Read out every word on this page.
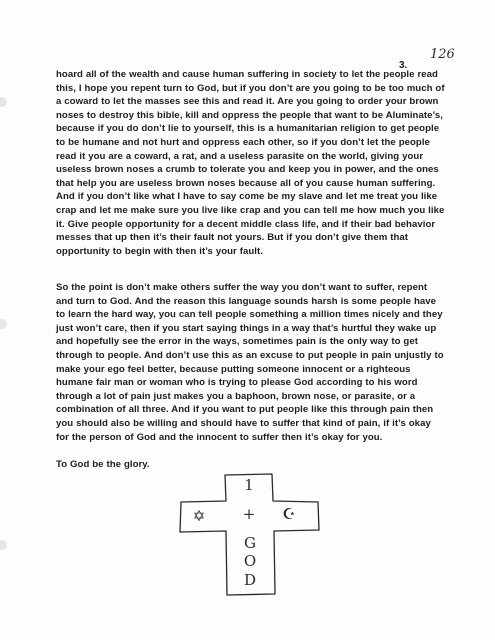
126
3.

hoard all of the wealth and cause human suffering in society to let the people read this, I hope you repent turn to God, but if you don’t are you going to be too much of a coward to let the masses see this and read it. Are you going to order your brown noses to destroy this bible, kill and oppress the people that want to be Aluminate’s, because if you do don’t lie to yourself, this is a humanitarian religion to get people to be humane and not hurt and oppress each other, so if you don’t let the people read it you are a coward, a rat, and a useless parasite on the world, giving your useless brown noses a crumb to tolerate you and keep you in power, and the ones that help you are useless brown noses because all of you cause human suffering. And if you don’t like what I have to say come be my slave and let me treat you like crap and let me make sure you live like crap and you can tell me how much you like it. Give people opportunity for a decent middle class life, and if their bad behavior messes that up then it’s their fault not yours. But if you don’t give them that opportunity to begin with then it’s your fault.

So the point is don’t make others suffer the way you don’t want to suffer, repent and turn to God. And the reason this language sounds harsh is some people have to learn the hard way, you can tell people something a million times nicely and they just won’t care, then if you start saying things in a way that’s hurtful they wake up and hopefully see the error in the ways, sometimes pain is the only way to get through to people. And don’t use this as an excuse to put people in pain unjustly to make your ego feel better, because putting someone innocent or a righteous humane fair man or woman who is trying to please God according to his word through a lot of pain just makes you a baphoon, brown nose, or parasite, or a combination of all three. And if you want to put people like this through pain then you should also be willing and should have to suffer that kind of pain, if it’s okay for the person of God and the innocent to suffer then it’s okay for you.

To God be the glory.

1
+
✡	☪
G
O
D
